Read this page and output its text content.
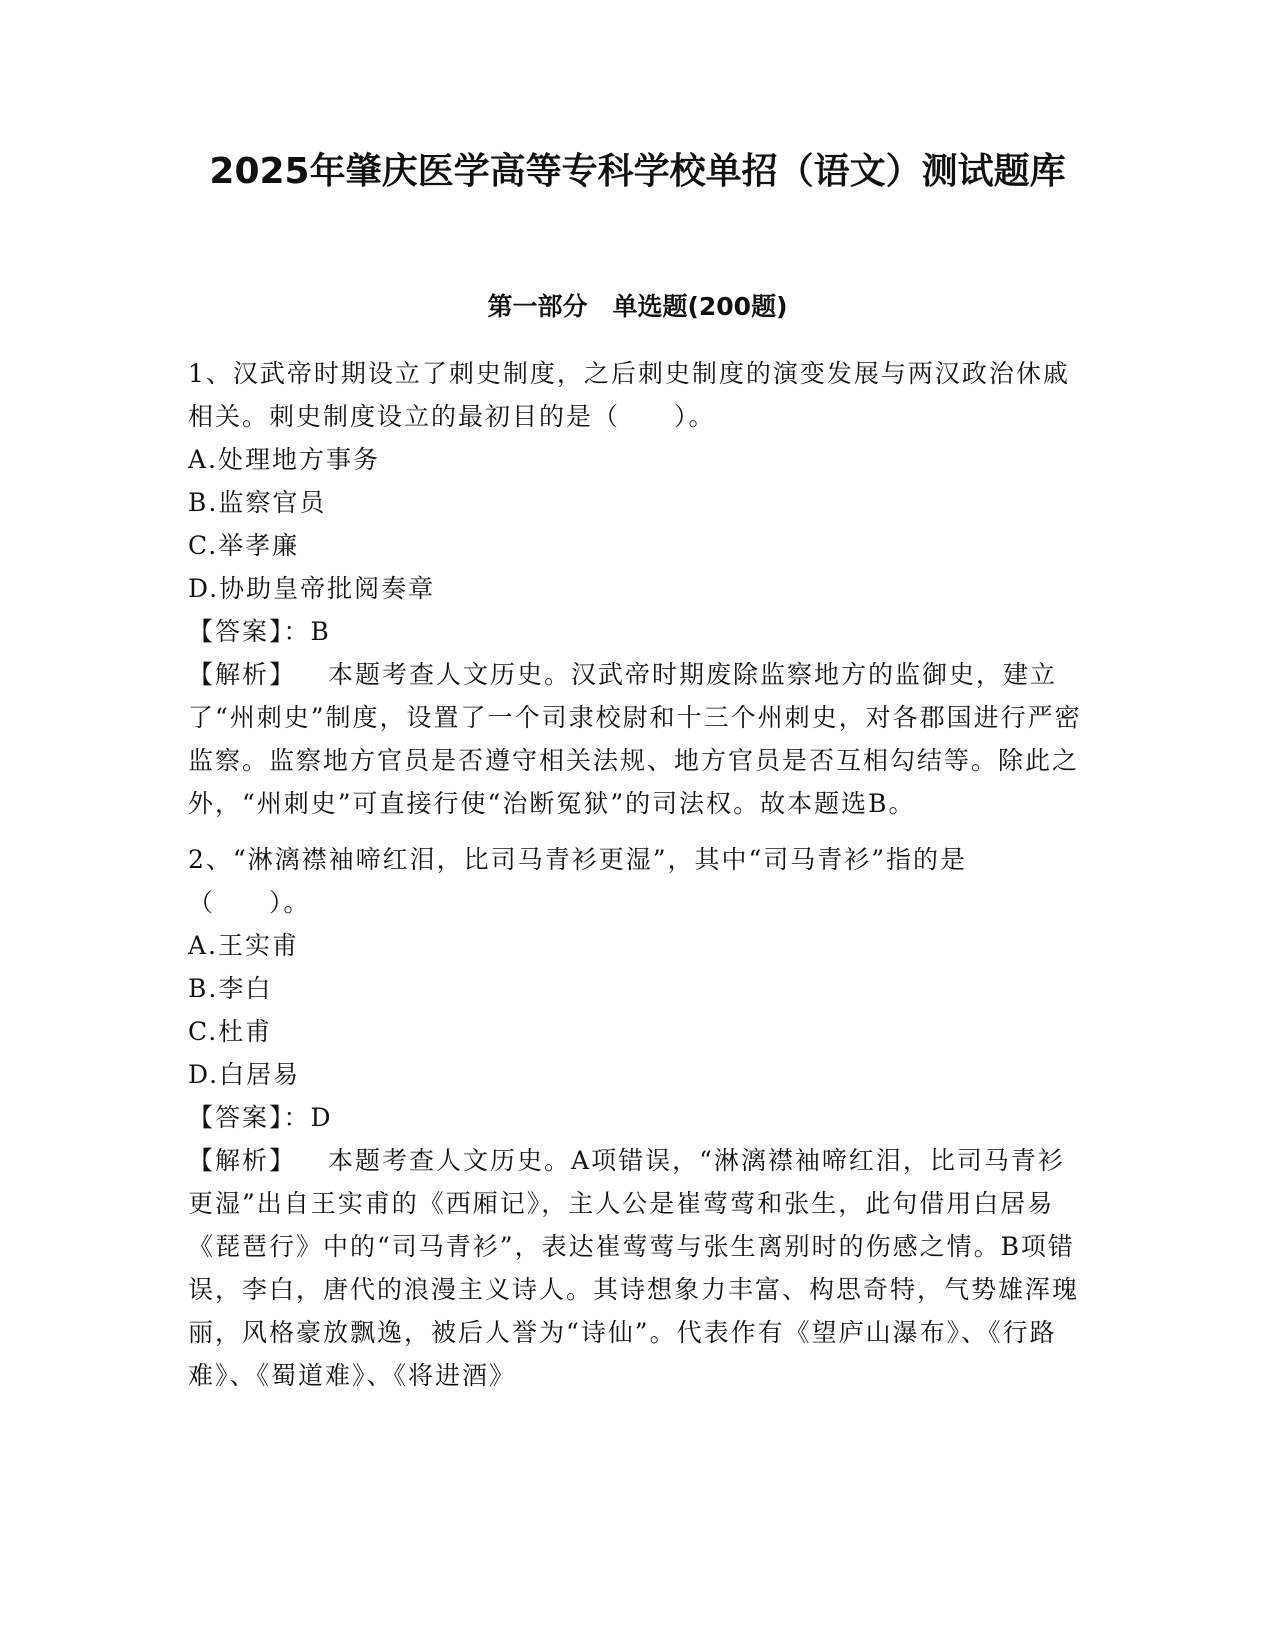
2025年肇庆医学高等专科学校单招（语文）测试题库
第一部分　单选题(200题)

1、汉武帝时期设立了刺史制度，之后刺史制度的演变发展与两汉政治休戚相关。刺史制度设立的最初目的是（　　）。

A.处理地方事务

B.监察官员

C.举孝廉

D.协助皇帝批阅奏章

【答案】：B

【解析】 本题考查人文历史。汉武帝时期废除监察地方的监御史，建立了“州刺史”制度，设置了一个司隶校尉和十三个州刺史，对各郡国进行严密监察。监察地方官员是否遵守相关法规、地方官员是否互相勾结等。除此之外，“州刺史”可直接行使“治断冤狱”的司法权。故本题选B。

2、“淋漓襟袖啼红泪，比司马青衫更湿”，其中“司马青衫”指的是（　　）。

A.王实甫

B.李白

C.杜甫

D.白居易

【答案】：D

【解析】 本题考查人文历史。A项错误，“淋漓襟袖啼红泪，比司马青衫更湿”出自王实甫的《西厢记》，主人公是崔莺莺和张生，此句借用白居易《琵琶行》中的“司马青衫”，表达崔莺莺与张生离别时的伤感之情。B项错误，李白，唐代的浪漫主义诗人。其诗想象力丰富、构思奇特，气势雄浑瑰丽，风格豪放飘逸，被后人誉为“诗仙”。代表作有《望庐山瀑布》、《行路难》、《蜀道难》、《将进酒》
